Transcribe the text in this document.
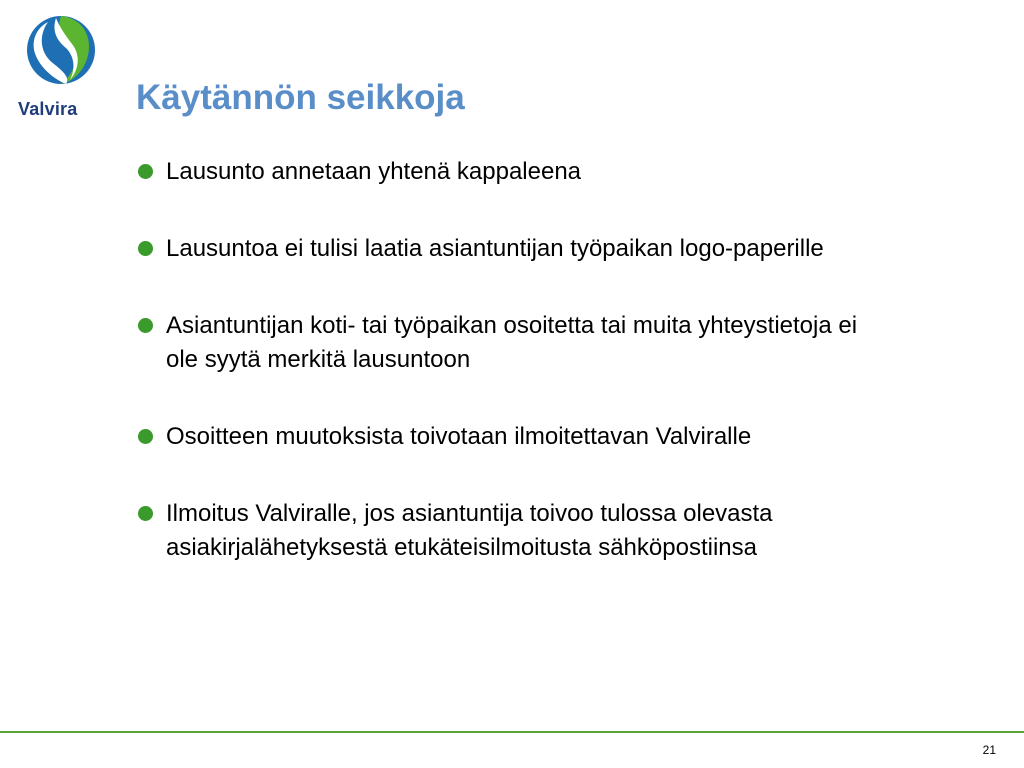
Valvira	Käytännön seikkoja
Lausunto annetaan yhtenä kappaleena
Lausuntoa ei tulisi laatia asiantuntijan työpaikan logo-paperille
Asiantuntijan koti- tai työpaikan osoitetta tai muita yhteystietoja ei ole syytä merkitä lausuntoon
Osoitteen muutoksista toivotaan ilmoitettavan Valviralle
Ilmoitus Valviralle, jos asiantuntija toivoo tulossa olevasta asiakirjalähetyksestä etukäteisilmoitusta sähköpostiinsa
21
